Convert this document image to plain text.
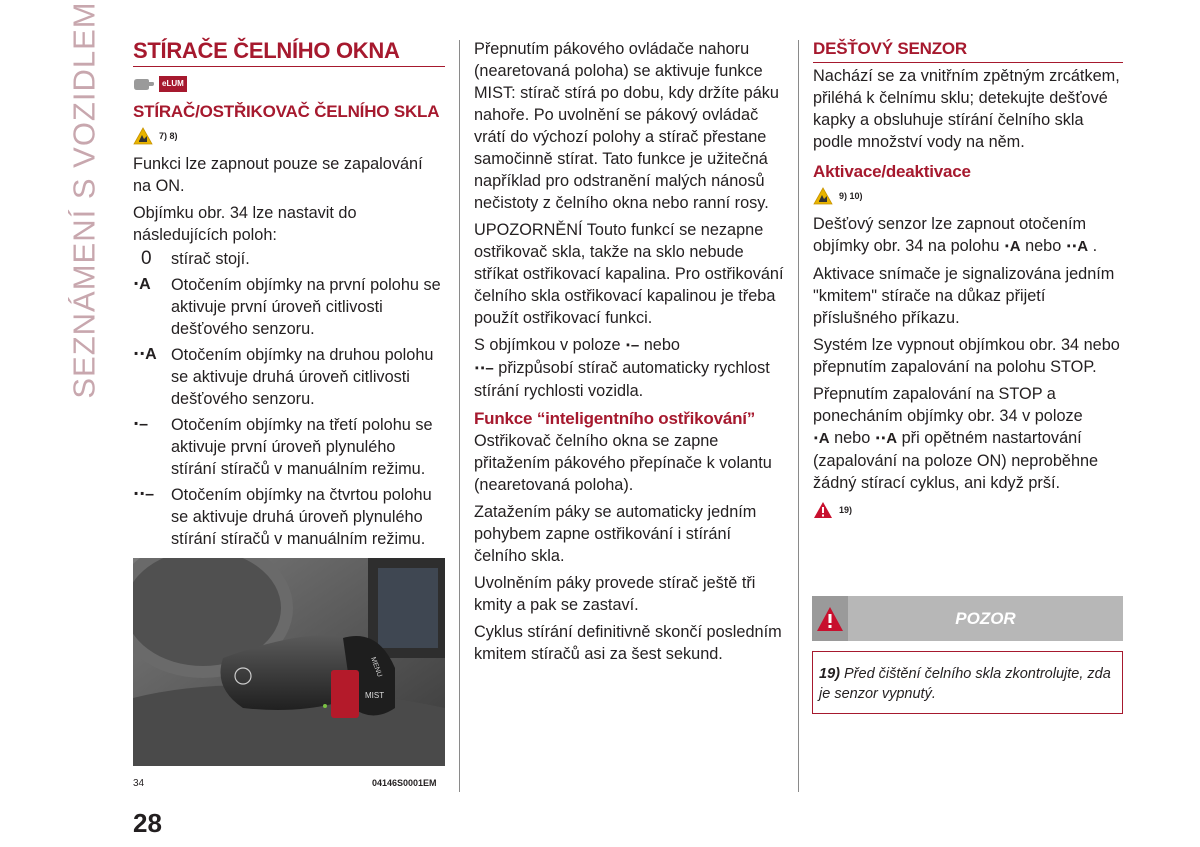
SEZNÁMENÍ S VOZIDLEM STÍRAČE ČELNÍHO OKNA
eLUM
STÍRAČ/OSTŘIKOVAČ ČELNÍHO SKLA
7) 8)

Funkci lze zapnout pouze se zapalování na ON.

Objímku obr. 34 lze nastavit do následujících poloh:

0	stírač stojí.
⋅A	Otočením objímky na první polohu se aktivuje první úroveň citlivosti dešťového senzoru.
⋅⋅A Otočením objímky na druhou polohu se aktivuje druhá úroveň citlivosti dešťového senzoru.
⋅–	Otočením objímky na třetí polohu se aktivuje první úroveň plynulého stírání stíračů v manuálním režimu.
⋅⋅–	Otočením objímky na čtvrtou polohu se aktivuje druhá úroveň plynulého stírání stíračů v manuálním režimu.
MIST
MENU
34	04146S0001EM

Přepnutím pákového ovládače nahoru (nearetovaná poloha) se aktivuje funkce MIST: stírač stírá po dobu, kdy držíte páku nahoře. Po uvolnění se pákový ovládač vrátí do výchozí polohy a stírač přestane samočinně stírat. Tato funkce je užitečná například pro odstranění malých nánosů nečistoty z čelního okna nebo ranní rosy.

UPOZORNĚNÍ Touto funkcí se nezapne ostřikovač skla, takže na sklo nebude stříkat ostřikovací kapalina. Pro ostřikování čelního skla ostřikovací kapalinou je třeba použít ostřikovací funkci.

S objímkou v poloze ⋅– nebo
⋅⋅– přizpůsobí stírač automaticky rychlost stírání rychlosti vozidla.

Funkce “inteligentního ostřikování”

Ostřikovač čelního okna se zapne přitažením pákového přepínače k volantu (nearetovaná poloha).

Zatažením páky se automaticky jedním pohybem zapne ostřikování i stírání čelního skla.

Uvolněním páky provede stírač ještě tři kmity a pak se zastaví.

Cyklus stírání definitivně skončí posledním kmitem stíračů asi za šest sekund.

DEŠŤOVÝ SENZOR

Nachází se za vnitřním zpětným zrcátkem, přiléhá k čelnímu sklu; detekujte dešťové kapky a obsluhuje stírání čelního skla podle množství vody na něm.

Aktivace/deaktivace
9) 10)

Dešťový senzor lze zapnout otočením objímky obr. 34 na polohu ⋅A nebo ⋅⋅A .

Aktivace snímače je signalizována jedním "kmitem" stírače na důkaz přijetí příslušného příkazu.

Systém lze vypnout objímkou obr. 34 nebo přepnutím zapalování na polohu STOP.

Přepnutím zapalování na STOP a ponecháním objímky obr. 34 v poloze
⋅A nebo ⋅⋅A při opětném nastartování (zapalování na poloze ON) neproběhne žádný stírací cyklus, ani když prší.

19)
POZOR
19) Před čištění čelního skla zkontrolujte, zda je senzor vypnutý.
28
